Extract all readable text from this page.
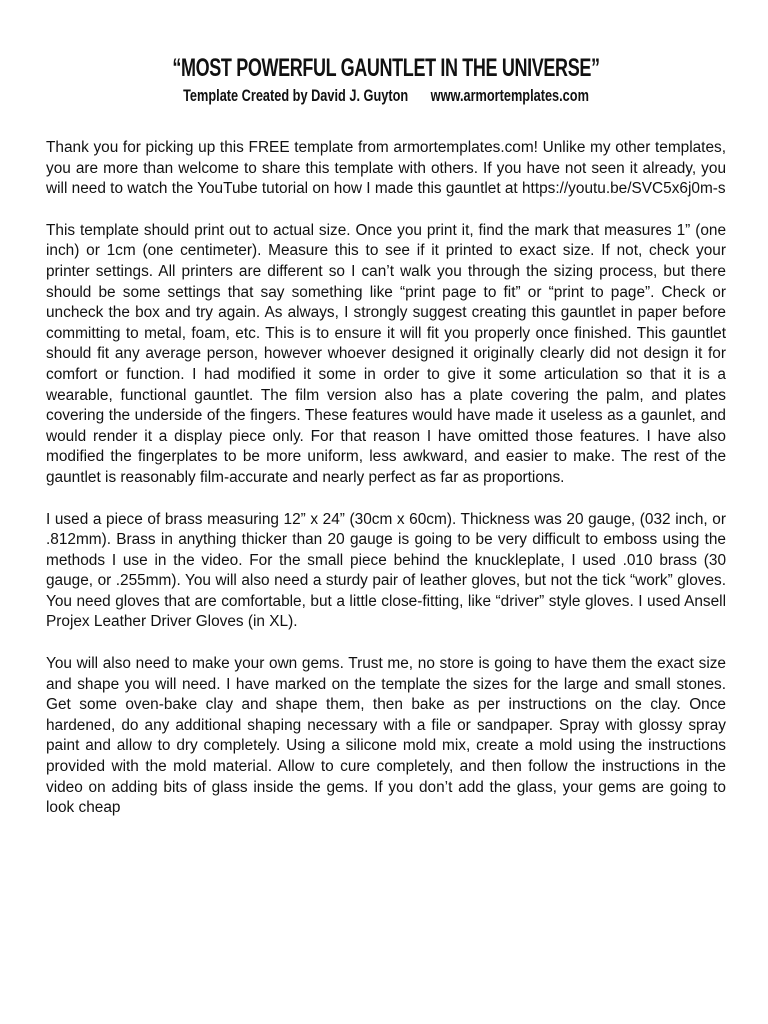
“MOST POWERFUL GAUNTLET IN THE UNIVERSE”

Template Created by David J. Guyton www.armortemplates.com

Thank you for picking up this FREE template from armortemplates.com! Unlike my other templates, you are more than welcome to share this template with others. If you have not seen it already, you will need to watch the YouTube tutorial on how I made this gauntlet at https://youtu.be/SVC5x6j0m-s

This template should print out to actual size. Once you print it, find the mark that measures 1” (one inch) or 1cm (one centimeter). Measure this to see if it printed to exact size. If not, check your printer settings. All printers are different so I can’t walk you through the sizing process, but there should be some settings that say something like “print page to fit” or “print to page”. Check or uncheck the box and try again. As always, I strongly suggest creating this gauntlet in paper before committing to metal, foam, etc. This is to ensure it will fit you properly once finished. This gauntlet should fit any average person, however whoever designed it originally clearly did not design it for comfort or function. I had modified it some in order to give it some articulation so that it is a wearable, functional gauntlet. The film version also has a plate covering the palm, and plates covering the underside of the fingers. These features would have made it useless as a gaunlet, and would render it a display piece only. For that reason I have omitted those features. I have also modified the fingerplates to be more uniform, less awkward, and easier to make. The rest of the gauntlet is reasonably film-accurate and nearly perfect as far as proportions.

I used a piece of brass measuring 12” x 24” (30cm x 60cm). Thickness was 20 gauge, (032 inch, or .812mm). Brass in anything thicker than 20 gauge is going to be very difficult to emboss using the methods I use in the video. For the small piece behind the knuckleplate, I used .010 brass (30 gauge, or .255mm). You will also need a sturdy pair of leather gloves, but not the tick “work” gloves. You need gloves that are comfortable, but a little close-fitting, like “driver” style gloves. I used Ansell Projex Leather Driver Gloves (in XL).

You will also need to make your own gems. Trust me, no store is going to have them the exact size and shape you will need. I have marked on the template the sizes for the large and small stones. Get some oven-bake clay and shape them, then bake as per instructions on the clay. Once hardened, do any additional shaping necessary with a file or sandpaper. Spray with glossy spray paint and allow to dry completely. Using a silicone mold mix, create a mold using the instructions provided with the mold material. Allow to cure completely, and then follow the instructions in the video on adding bits of glass inside the gems. If you don’t add the glass, your gems are going to look cheap
